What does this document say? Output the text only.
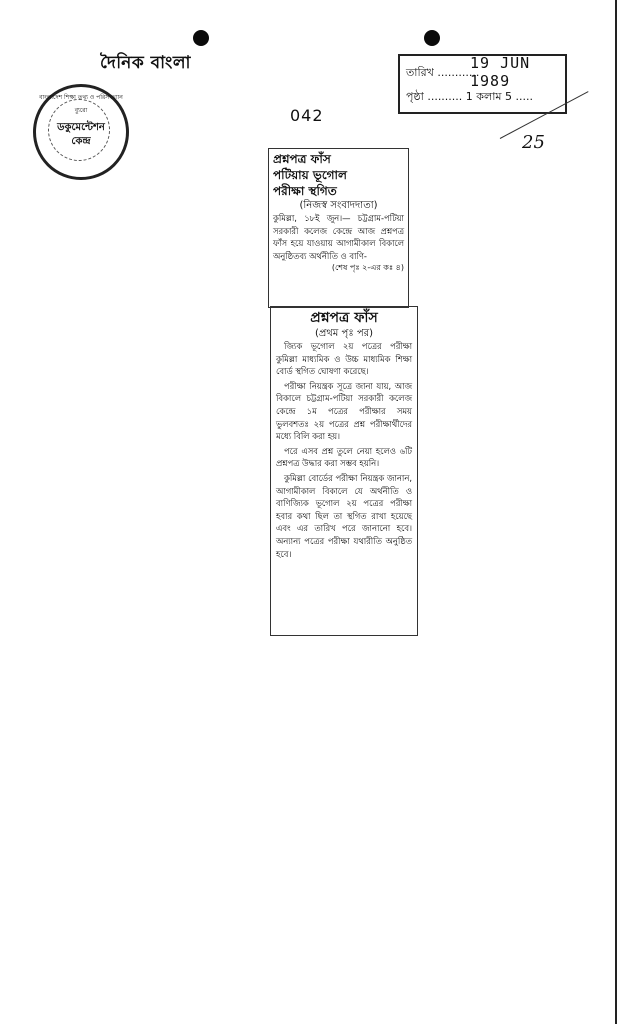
দৈনিক বাংলা
বাংলাদেশ শিক্ষা তথ্য ও পরিসংখ্যান ব্যুরো
ডকুমেন্টেশন
কেন্দ্র
042
তারিখ ............
19 JUN 1989
পৃষ্ঠা .......... 1 কলাম 5 .....
25
প্রশ্নপত্র ফাঁস
পটিয়ায় ভূগোল
পরীক্ষা স্থগিত
(নিজস্ব সংবাদদাতা)
কুমিল্লা, ১৮ই জুন।— চট্টগ্রাম-পটিয়া সরকারী কলেজ কেন্দ্রে আজ প্রশ্নপত্র ফাঁস হয়ে যাওয়ায় আগামীকাল বিকালে অনুষ্ঠিতব্য অর্থনীতি ও বাণি-
(শেষ পৃঃ ২-এর কঃ ৪)
প্রশ্নপত্র ফাঁস
(প্রথম পৃঃ পর)

জ্যিক ভূগোল ২য় পত্রের পরীক্ষা কুমিল্লা মাধ্যমিক ও উচ্চ মাধ্যমিক শিক্ষা বোর্ড স্থগিত ঘোষণা করেছে।

পরীক্ষা নিয়ন্ত্রক সূত্রে জানা যায়, আজ বিকালে চট্টগ্রাম-পটিয়া সরকারী কলেজ কেন্দ্রে ১ম পত্রের পরীক্ষার সময় ভুলবশতঃ ২য় পত্রের প্রশ্ন পরীক্ষার্থীদের মধ্যে বিলি করা হয়।

পরে এসব প্রশ্ন তুলে নেয়া হলেও ৬টি প্রশ্নপত্র উদ্ধার করা সম্ভব হয়নি।

কুমিল্লা বোর্ডের পরীক্ষা নিয়ন্ত্রক জানান, আগামীকাল বিকালে যে অর্থনীতি ও বাণিজ্যিক ভূগোল ২য় পত্রের পরীক্ষা হবার কথা ছিল তা স্থগিত রাখা হয়েছে এবং এর তারিখ পরে জানানো হবে। অন্যান্য পত্রের পরীক্ষা যথারীতি অনুষ্ঠিত হবে।
